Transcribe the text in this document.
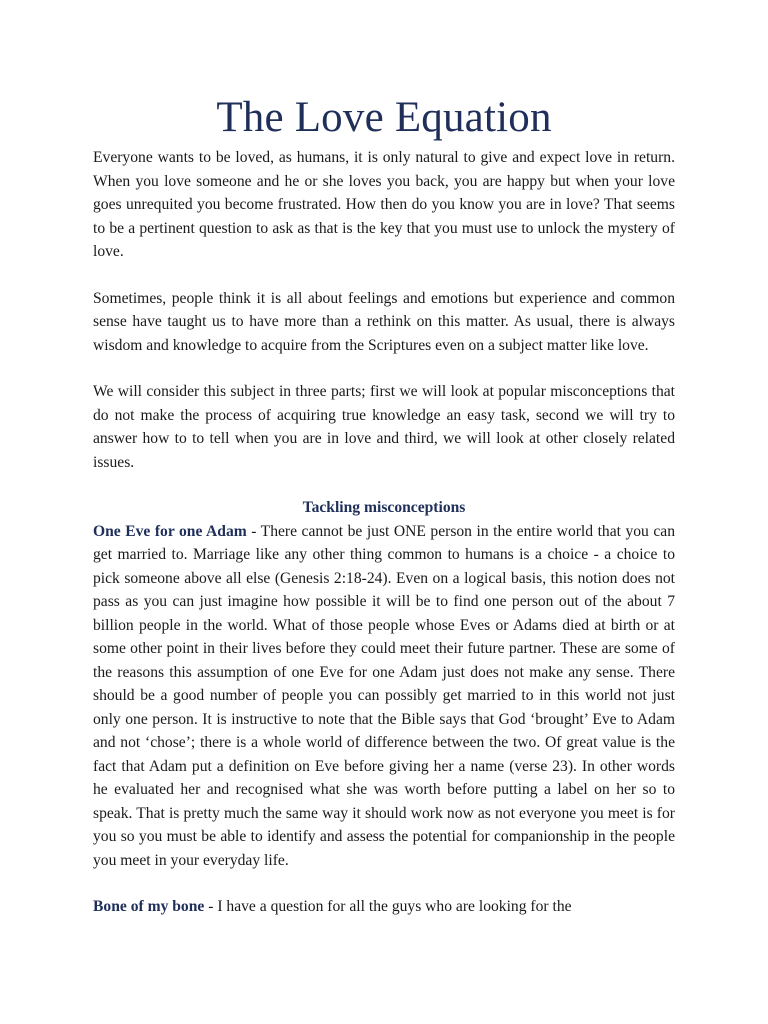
The Love Equation

Everyone wants to be loved, as humans, it is only natural to give and expect love in return. When you love someone and he or she loves you back, you are happy but when your love goes unrequited you become frustrated. How then do you know you are in love? That seems to be a pertinent question to ask as that is the key that you must use to unlock the mystery of love.

Sometimes, people think it is all about feelings and emotions but experience and common sense have taught us to have more than a rethink on this matter. As usual, there is always wisdom and knowledge to acquire from the Scriptures even on a subject matter like love.

We will consider this subject in three parts; first we will look at popular misconceptions that do not make the process of acquiring true knowledge an easy task, second we will try to answer how to to tell when you are in love and third, we will look at other closely related issues.

Tackling misconceptions

One Eve for one Adam - There cannot be just ONE person in the entire world that you can get married to. Marriage like any other thing common to humans is a choice - a choice to pick someone above all else (Genesis 2:18-24). Even on a logical basis, this notion does not pass as you can just imagine how possible it will be to find one person out of the about 7 billion people in the world. What of those people whose Eves or Adams died at birth or at some other point in their lives before they could meet their future partner. These are some of the reasons this assumption of one Eve for one Adam just does not make any sense. There should be a good number of people you can possibly get married to in this world not just only one person. It is instructive to note that the Bible says that God ‘brought’ Eve to Adam and not ‘chose’; there is a whole world of difference between the two. Of great value is the fact that Adam put a definition on Eve before giving her a name (verse 23). In other words he evaluated her and recognised what she was worth before putting a label on her so to speak. That is pretty much the same way it should work now as not everyone you meet is for you so you must be able to identify and assess the potential for companionship in the people you meet in your everyday life.

Bone of my bone - I have a question for all the guys who are looking for the
